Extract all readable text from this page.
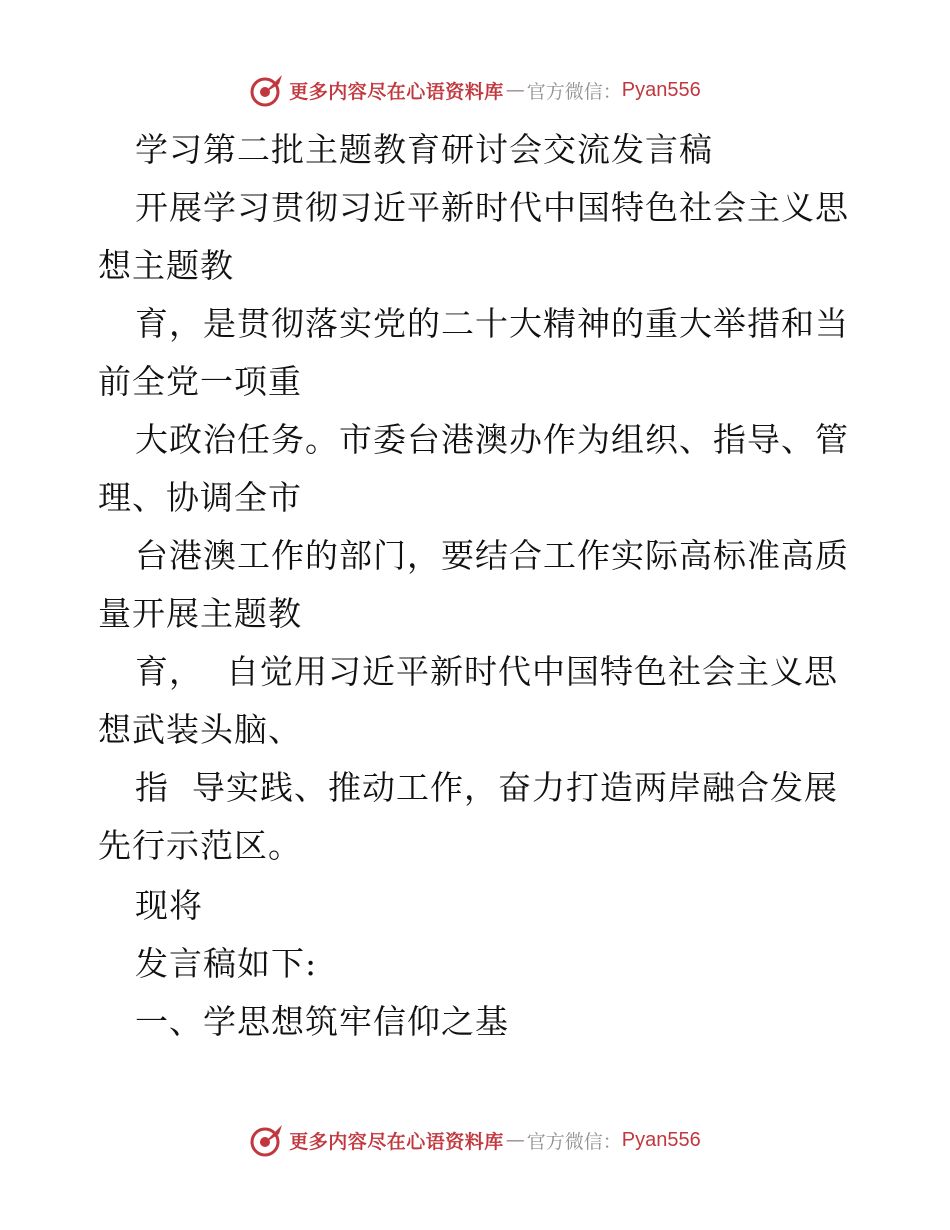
更多内容尽在心语资料库 — 官方微信： Pyan556
学习第二批主题教育研讨会交流发言稿
开展学习贯彻习近平新时代中国特色社会主义思
想主题教
育，是贯彻落实党的二十大精神的重大举措和当
前全党一项重
大政治任务。市委台港澳办作为组织、指导、管
理、协调全市
台港澳工作的部门，要结合工作实际高标准高质
量开展主题教
育，  自觉用习近平新时代中国特色社会主义思
想武装头脑、
指  导实践、推动工作，奋力打造两岸融合发展
先行示范区。
现将
发言稿如下:
一、学思想筑牢信仰之基
更多内容尽在心语资料库 — 官方微信： Pyan556
